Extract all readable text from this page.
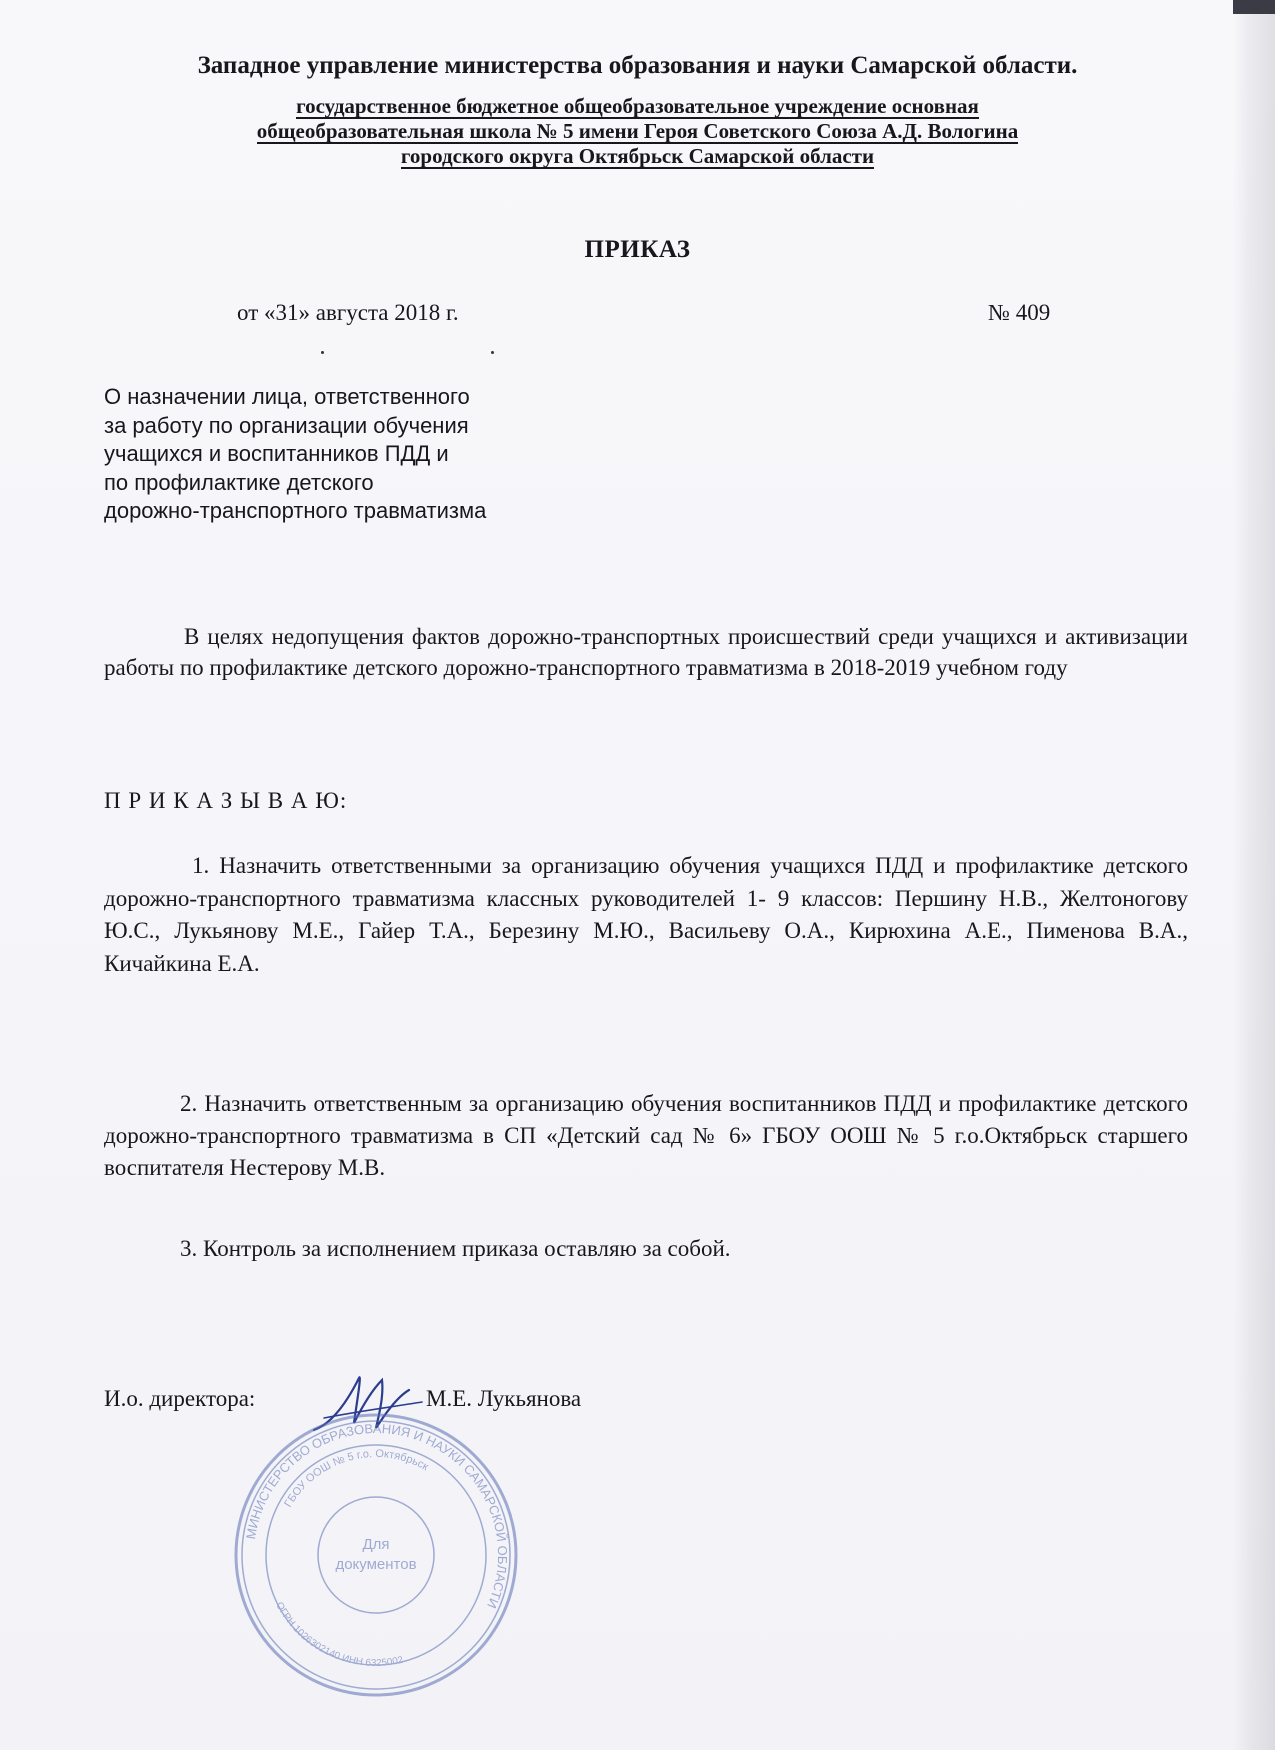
Западное управление министерства образования и науки Самарской области.
государственное бюджетное общеобразовательное учреждение основная
общеобразовательная школа № 5 имени Героя Советского Союза А.Д. Вологина
городского округа Октябрьск Самарской области
ПРИКАЗ
от «31» августа 2018 г.	№ 409
О назначении лица, ответственного
за работу по организации обучения
учащихся и воспитанников ПДД и
по профилактике детского
дорожно-транспортного травматизма
В целях недопущения фактов дорожно-транспортных происшествий среди учащихся и активизации работы по профилактике детского дорожно-транспортного травматизма в 2018-2019 учебном году
П Р И К А З Ы В А Ю:
1. Назначить ответственными за организацию обучения учащихся ПДД и профилактике детского дорожно-транспортного травматизма классных руководителей 1- 9 классов: Першину Н.В., Желтоногову Ю.С., Лукьянову М.Е., Гайер Т.А., Березину М.Ю., Васильеву О.А., Кирюхина А.Е., Пименова В.А., Кичайкина Е.А.
2. Назначить ответственным за организацию обучения воспитанников ПДД и профилактике детского дорожно-транспортного травматизма в СП «Детский сад № 6» ГБОУ ООШ № 5 г.о.Октябрьск старшего воспитателя Нестерову М.В.
3. Контроль за исполнением приказа оставляю за собой.
И.о. директора:	М.Е. Лукьянова
МИНИСТЕРСТВО ОБРАЗОВАНИЯ И НАУКИ САМАРСКОЙ ОБЛАСТИ
ГБОУ ООШ № 5 г.о. Октябрьск
ОГРН 1026302140 ИНН 6325002
Для
документов
